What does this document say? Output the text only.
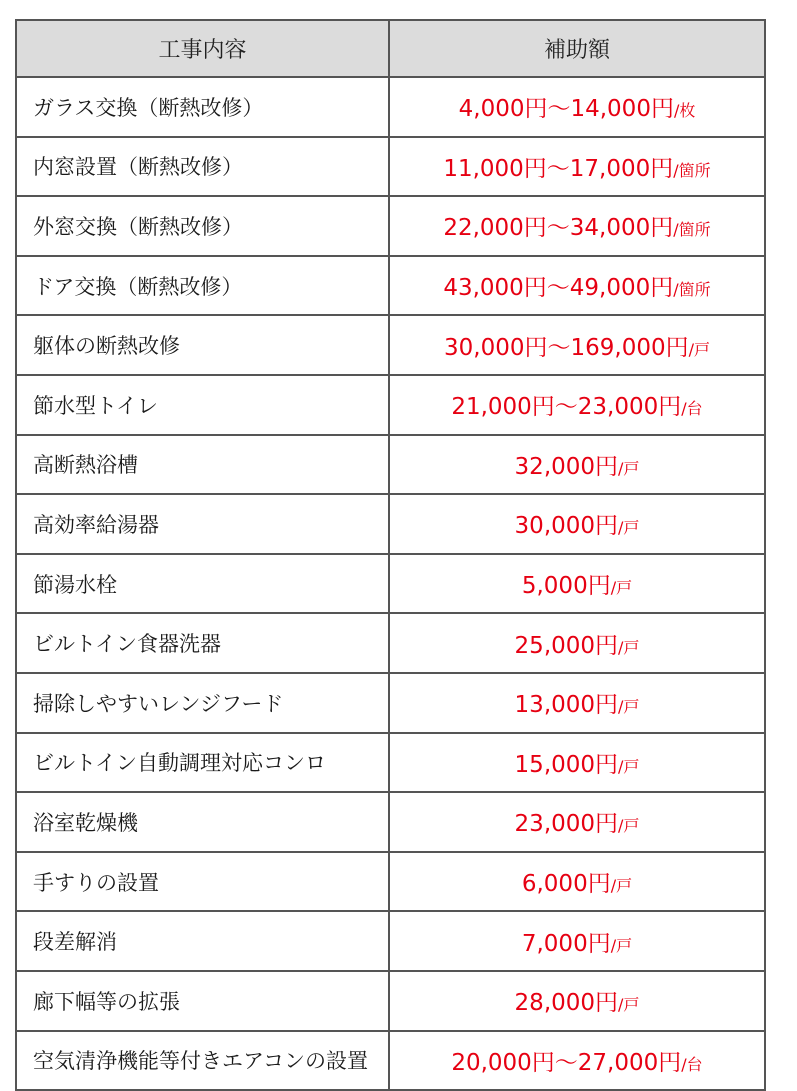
工事内容	補助額
ガラス交換（断熱改修）	4,000円～14,000円/枚
内窓設置（断熱改修）	11,000円～17,000円/箇所
外窓交換（断熱改修）	22,000円～34,000円/箇所
ドア交換（断熱改修）	43,000円～49,000円/箇所
躯体の断熱改修	30,000円～169,000円/戸
節水型トイレ	21,000円～23,000円/台
高断熱浴槽	32,000円/戸
高効率給湯器	30,000円/戸
節湯水栓	5,000円/戸
ビルトイン食器洗器	25,000円/戸
掃除しやすいレンジフード	13,000円/戸
ビルトイン自動調理対応コンロ	15,000円/戸
浴室乾燥機	23,000円/戸
手すりの設置	6,000円/戸
段差解消	7,000円/戸
廊下幅等の拡張	28,000円/戸
空気清浄機能等付きエアコンの設置	20,000円～27,000円/台
